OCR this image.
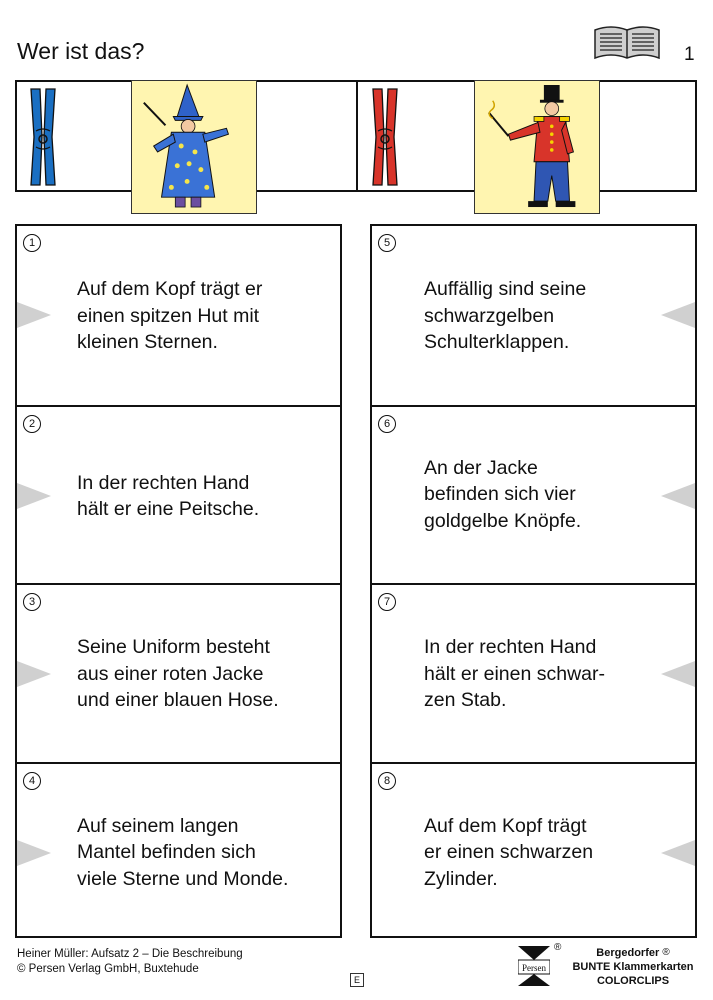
Wer ist das?	1
1
Auf dem Kopf trägt er
einen spitzen Hut mit
kleinen Sternen.
2
In der rechten Hand
hält er eine Peitsche.
3
Seine Uniform besteht
aus einer roten Jacke
und einer blauen Hose.
4
Auf seinem langen
Mantel befinden sich
viele Sterne und Monde.
5
Auffällig sind seine
schwarzgelben
Schulterklappen.
6
An der Jacke
befinden sich vier
goldgelbe Knöpfe.
7
In der rechten Hand
hält er einen schwar-
zen Stab.
8
Auf dem Kopf trägt
er einen schwarzen
Zylinder.
Heiner Müller: Aufsatz 2 – Die Beschreibung
© Persen Verlag GmbH, Buxtehude
E
Persen
®	Bergedorfer ®
BUNTE Klammerkarten
COLORCLIPS
